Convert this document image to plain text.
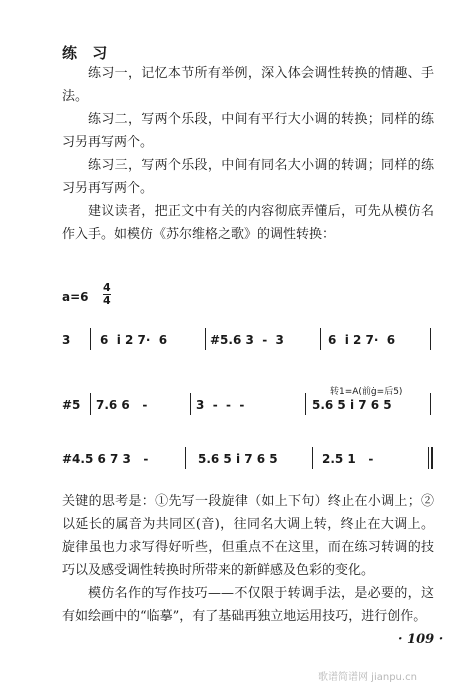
练 习
练习一，记忆本节所有举例，深入体会调性转换的情趣、手法。
练习二，写两个乐段，中间有平行大小调的转换；同样的练习另再写两个。
练习三，写两个乐段，中间有同名大小调的转调；同样的练习另再写两个。
建议读者，把正文中有关的内容彻底弄懂后，可先从模仿名作入手。如模仿《苏尔维格之歌》的调性转换：
a=6
4
4
3 6  i 2 7·  6	#5.6 3  -  3	6  i 2 7·  6
转1=A(前ġ=后5)
#5 7.6 6   -	3  -  -  -	5.6 5 i 7 6 5
#4.5 6 7 3   -	5.6 5 i 7 6 5	2.5 1   -
关键的思考是：①先写一段旋律（如上下句）终止在小调上；②以延长的属音为共同区(音)，往同名大调上转，终止在大调上。旋律虽也力求写得好听些，但重点不在这里，而在练习转调的技巧以及感受调性转换时所带来的新鲜感及色彩的变化。
模仿名作的写作技巧——不仅限于转调手法，是必要的，这有如绘画中的“临摹”，有了基础再独立地运用技巧，进行创作。
· 109 ·
歌谱简谱网 jianpu.cn
